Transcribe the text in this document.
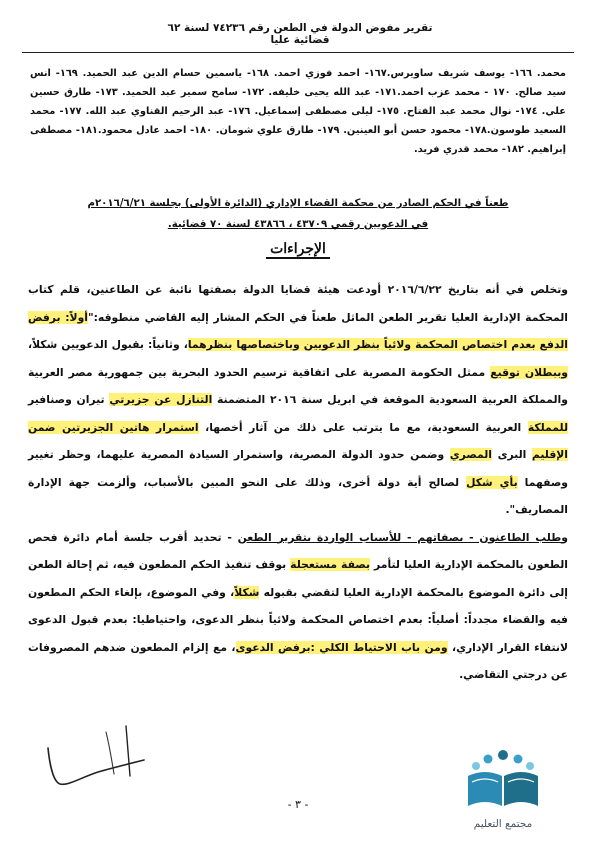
تقرير مفوض الدولة في الطعن رقم ٧٤٢٣٦ لسنة ٦٢ قضائية عليا
محمد. ١٦٦- يوسف شريف ساويرس.١٦٧- احمد فوزي احمد. ١٦٨- ياسمين حسام الدين عبد الحميد. ١٦٩- انس سيد صالح. ١٧٠ - محمد عزب احمد.١٧١- عبد الله يحيى خليفه. ١٧٢- سامح سمير عبد الحميد. ١٧٣- طارق حسين علي. ١٧٤- نوال محمد عبد الفتاح. ١٧٥- ليلى مصطفى إسماعيل. ١٧٦- عبد الرحيم القناوي عبد الله. ١٧٧- محمد السعيد طوسون.١٧٨- محمود حسن أبو العينين. ١٧٩- طارق علوي شومان. ١٨٠- احمد عادل محمود.١٨١- مصطفى إبراهيم. ١٨٢- محمد قدري فريد.
طعناً في الحكم الصادر من محكمة القضاء الإداري (الدائرة الأولى) بجلسة ٢٠١٦/٦/٢١م
في الدعويين رقمي ٤٣٧٠٩ ، ٤٣٨٦٦ لسنة ٧٠ قضائية.
الإجراءات
وتخلص في أنه بتاريخ ٢٠١٦/٦/٢٢ أودعت هيئة قضايا الدولة بصفتها نائبة عن الطاعنين، قلم كتاب المحكمة الإدارية العليا تقرير الطعن الماثل طعناً في الحكم المشار إليه القاضي منطوقه:"أولاً: برفض الدفع بعدم اختصاص المحكمة ولائياً بنظر الدعويين وباختصاصها بنظرهما، وثانياً: بقبول الدعويين شكلاً، وببطلان توقيع ممثل الحكومة المصرية على اتفاقية ترسيم الحدود البحرية بين جمهورية مصر العربية والمملكة العربية السعودية الموقعة في ابريل سنة ٢٠١٦ المتضمنة التنازل عن جزيرتي تيران وصنافير للمملكة العربية السعودية، مع ما يترتب على ذلك من آثار أخصها، استمرار هاتين الجزيرتين ضمن الإقليم البرى المصري وضمن حدود الدولة المصرية، واستمرار السيادة المصرية عليهما، وحظر تغيير وصفهما بأي شكل لصالح أية دولة أخرى، وذلك على النحو المبين بالأسباب، وألزمت جهة الإدارة المصاريف".
وطلب الطاعنون - بصفاتهم - للأسباب الواردة بتقرير الطعن - تحديد أقرب جلسة أمام دائرة فحص الطعون بالمحكمة الإدارية العليا لتأمر بصفة مستعجلة بوقف تنفيذ الحكم المطعون فيه، ثم إحالة الطعن إلى دائرة الموضوع بالمحكمة الإدارية العليا لتقضي بقبوله شكلاً، وفي الموضوع، بإلغاء الحكم المطعون فيه والقضاء مجدداً: أصلياً: بعدم اختصاص المحكمة ولائياً بنظر الدعوى، واحتياطيا: بعدم قبول الدعوى لانتفاء القرار الإداري، ومن باب الاحتياط الكلي :برفض الدعوى، مع إلزام المطعون ضدهم المصروفات عن درجتي التقاضي.
- ٣ -
مجتمع التعليم
